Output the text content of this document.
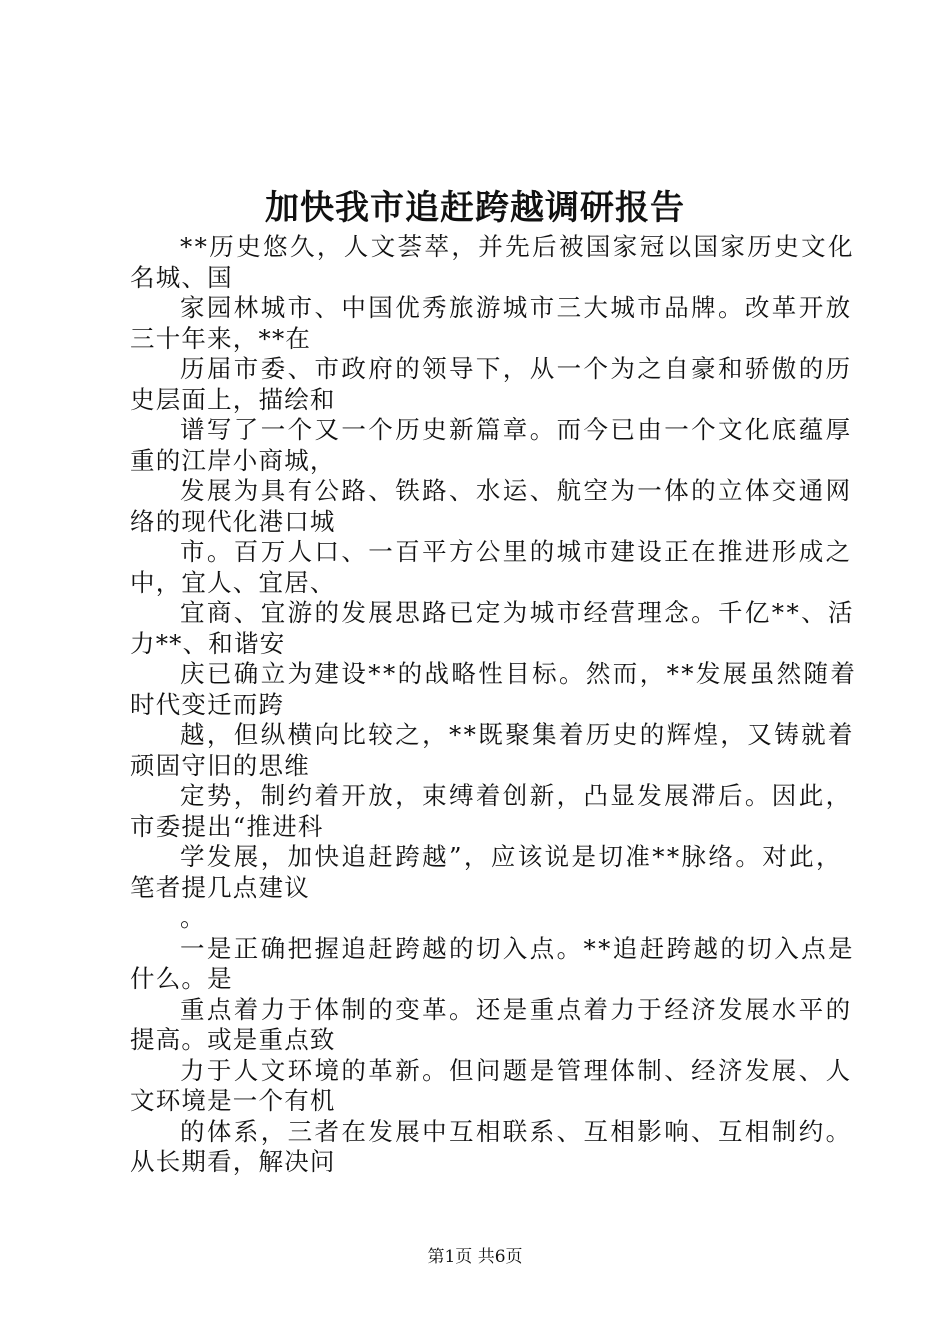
加快我市追赶跨越调研报告

**历史悠久，人文荟萃，并先后被国家冠以国家历史文化
名城、国

家园林城市、中国优秀旅游城市三大城市品牌。改革开放
三十年来，**在

历届市委、市政府的领导下，从一个为之自豪和骄傲的历
史层面上，描绘和

谱写了一个又一个历史新篇章。而今已由一个文化底蕴厚
重的江岸小商城，

发展为具有公路、铁路、水运、航空为一体的立体交通网
络的现代化港口城

市。百万人口、一百平方公里的城市建设正在推进形成之
中，宜人、宜居、

宜商、宜游的发展思路已定为城市经营理念。千亿**、活
力**、和谐安

庆已确立为建设**的战略性目标。然而，**发展虽然随着
时代变迁而跨

越，但纵横向比较之，**既聚集着历史的辉煌，又铸就着
顽固守旧的思维

定势，制约着开放，束缚着创新，凸显发展滞后。因此，
市委提出“推进科

学发展，加快追赶跨越”，应该说是切准**脉络。对此，
笔者提几点建议

。

一是正确把握追赶跨越的切入点。**追赶跨越的切入点是
什么。是

重点着力于体制的变革。还是重点着力于经济发展水平的
提高。或是重点致

力于人文环境的革新。但问题是管理体制、经济发展、人
文环境是一个有机

的体系，三者在发展中互相联系、互相影响、互相制约。
从长期看，解决问

第1页 共6页
